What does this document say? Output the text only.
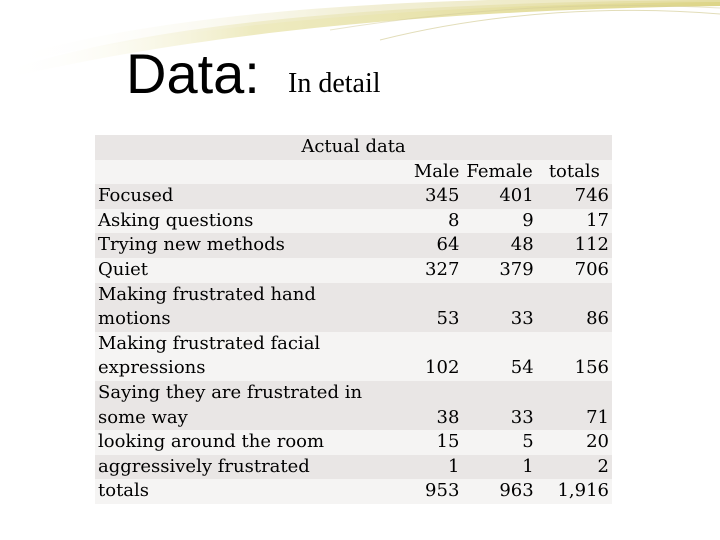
Data: In detail
Actual data			
	Male	Female	totals
Focused	345	401	746
Asking questions	8	9	17
Trying new methods	64	48	112
Quiet	327	379	706
Making frustrated hand motions	53	33	86
Making frustrated facial expressions	102	54	156
Saying they are frustrated in some way	38	33	71
looking around the room	15	5	20
aggressively frustrated	1	1	2
totals	953	963	1,916
